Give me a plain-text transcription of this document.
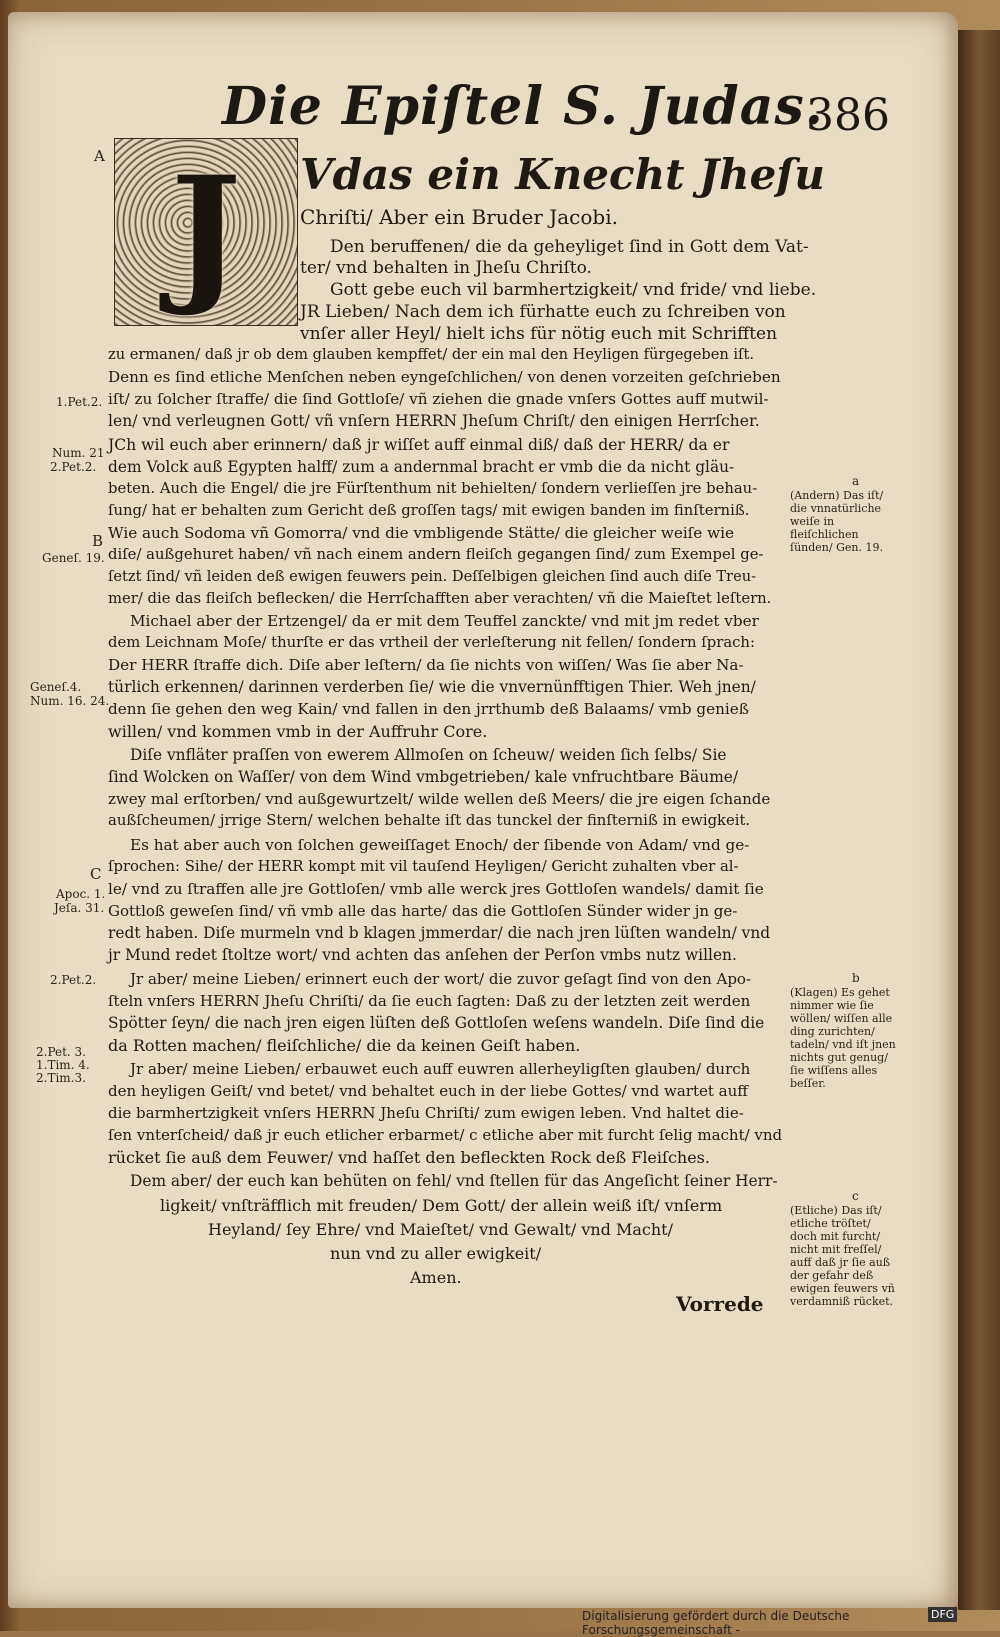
Die Epiſtel S. Judas.
386
J
A
B
C
1.Pet.2.
Num. 21
2.Pet.2.
Geneſ. 19.
Geneſ.4.
Num. 16. 24.
Apoc. 1.
Jeſa. 31.
2.Pet.2.
2.Pet. 3.
1.Tim. 4.
2.Tim.3.
a
(Andern) Das iſt/ die vnnatürliche weiſe in fleiſchlichen ſünden/ Gen. 19.
b
(Klagen) Es gehet nimmer wie ſie wöllen/ wiſſen alle ding zurichten/ tadeln/ vnd iſt jnen nichts gut genug/ ſie wiſſens alles beſſer.
c
(Etliche) Das iſt/ etliche tröſtet/ doch mit furcht/ nicht mit freſſel/ auff daß jr ſie auß der gefahr deß ewigen feuwers vñ verdamniß rücket.
Vdas ein Knecht Jheſu
Chriſti/ Aber ein Bruder Jacobi.
Den beruffenen/ die da geheyliget ſind in Gott dem Vat-
ter/ vnd behalten in Jheſu Chriſto.
Gott gebe euch vil barmhertzigkeit/ vnd fride/ vnd liebe.
JR Lieben/ Nach dem ich fürhatte euch zu ſchreiben von
vnſer aller Heyl/ hielt ichs für nötig euch mit Schrifften
zu ermanen/ daß jr ob dem glauben kempffet/ der ein mal den Heyligen fürgegeben iſt.
Denn es ſind etliche Menſchen neben eyngeſchlichen/ von denen vorzeiten geſchrieben
iſt/ zu ſolcher ſtraffe/ die ſind Gottloſe/ vñ ziehen die gnade vnſers Gottes auff mutwil-
len/ vnd verleugnen Gott/ vñ vnſern HERRN Jheſum Chriſt/ den einigen Herrſcher.
JCh wil euch aber erinnern/ daß jr wiſſet auff einmal diß/ daß der HERR/ da er
dem Volck auß Egypten halff/ zum a andernmal bracht er vmb die da nicht gläu-
beten. Auch die Engel/ die jre Fürſtenthum nit behielten/ ſondern verlieſſen jre behau-
ſung/ hat er behalten zum Gericht deß groſſen tags/ mit ewigen banden im finſterniß.
Wie auch Sodoma vñ Gomorra/ vnd die vmbligende Stätte/ die gleicher weiſe wie
diſe/ außgehuret haben/ vñ nach einem andern fleiſch gegangen ſind/ zum Exempel ge-
ſetzt ſind/ vñ leiden deß ewigen feuwers pein. Deſſelbigen gleichen ſind auch diſe Treu-
mer/ die das fleiſch beflecken/ die Herrſchafften aber verachten/ vñ die Maieſtet leſtern.
Michael aber der Ertzengel/ da er mit dem Teuffel zanckte/ vnd mit jm redet vber
dem Leichnam Moſe/ thurſte er das vrtheil der verleſterung nit fellen/ ſondern ſprach:
Der HERR ſtraffe dich. Diſe aber leſtern/ da ſie nichts von wiſſen/ Was ſie aber Na-
türlich erkennen/ darinnen verderben ſie/ wie die vnvernünfftigen Thier. Weh jnen/
denn ſie gehen den weg Kain/ vnd fallen in den jrrthumb deß Balaams/ vmb genieß
willen/ vnd kommen vmb in der Auffruhr Core.
Diſe vnfläter praſſen von ewerem Allmoſen on ſcheuw/ weiden ſich ſelbs/ Sie
ſind Wolcken on Waſſer/ von dem Wind vmbgetrieben/ kale vnfruchtbare Bäume/
zwey mal erſtorben/ vnd außgewurtzelt/ wilde wellen deß Meers/ die jre eigen ſchande
außſcheumen/ jrrige Stern/ welchen behalte iſt das tunckel der finſterniß in ewigkeit.
Es hat aber auch von ſolchen geweiſſaget Enoch/ der ſibende von Adam/ vnd ge-
ſprochen: Sihe/ der HERR kompt mit vil tauſend Heyligen/ Gericht zuhalten vber al-
le/ vnd zu ſtraffen alle jre Gottloſen/ vmb alle werck jres Gottloſen wandels/ damit ſie
Gottloß geweſen ſind/ vñ vmb alle das harte/ das die Gottloſen Sünder wider jn ge-
redt haben. Diſe murmeln vnd b klagen jmmerdar/ die nach jren lüſten wandeln/ vnd
jr Mund redet ſtoltze wort/ vnd achten das anſehen der Perſon vmbs nutz willen.
Jr aber/ meine Lieben/ erinnert euch der wort/ die zuvor geſagt ſind von den Apo-
ſteln vnſers HERRN Jheſu Chriſti/ da ſie euch ſagten: Daß zu der letzten zeit werden
Spötter ſeyn/ die nach jren eigen lüſten deß Gottloſen weſens wandeln. Diſe ſind die
da Rotten machen/ fleiſchliche/ die da keinen Geiſt haben.
Jr aber/ meine Lieben/ erbauwet euch auff euwren allerheyligſten glauben/ durch
den heyligen Geiſt/ vnd betet/ vnd behaltet euch in der liebe Gottes/ vnd wartet auff
die barmhertzigkeit vnſers HERRN Jheſu Chriſti/ zum ewigen leben. Vnd haltet die-
ſen vnterſcheid/ daß jr euch etlicher erbarmet/ c etliche aber mit furcht ſelig macht/ vnd
rücket ſie auß dem Feuwer/ vnd haſſet den befleckten Rock deß Fleiſches.
Dem aber/ der euch kan behüten on fehl/ vnd ſtellen für das Angeſicht ſeiner Herr-
ligkeit/ vnſträfflich mit freuden/ Dem Gott/ der allein weiß iſt/ vnſerm
Heyland/ ſey Ehre/ vnd Maieſtet/ vnd Gewalt/ vnd Macht/
nun vnd zu aller ewigkeit/
Amen.
Vorrede
Digitalisierung gefördert durch die Deutsche Forschungsgemeinschaft -
DFG
